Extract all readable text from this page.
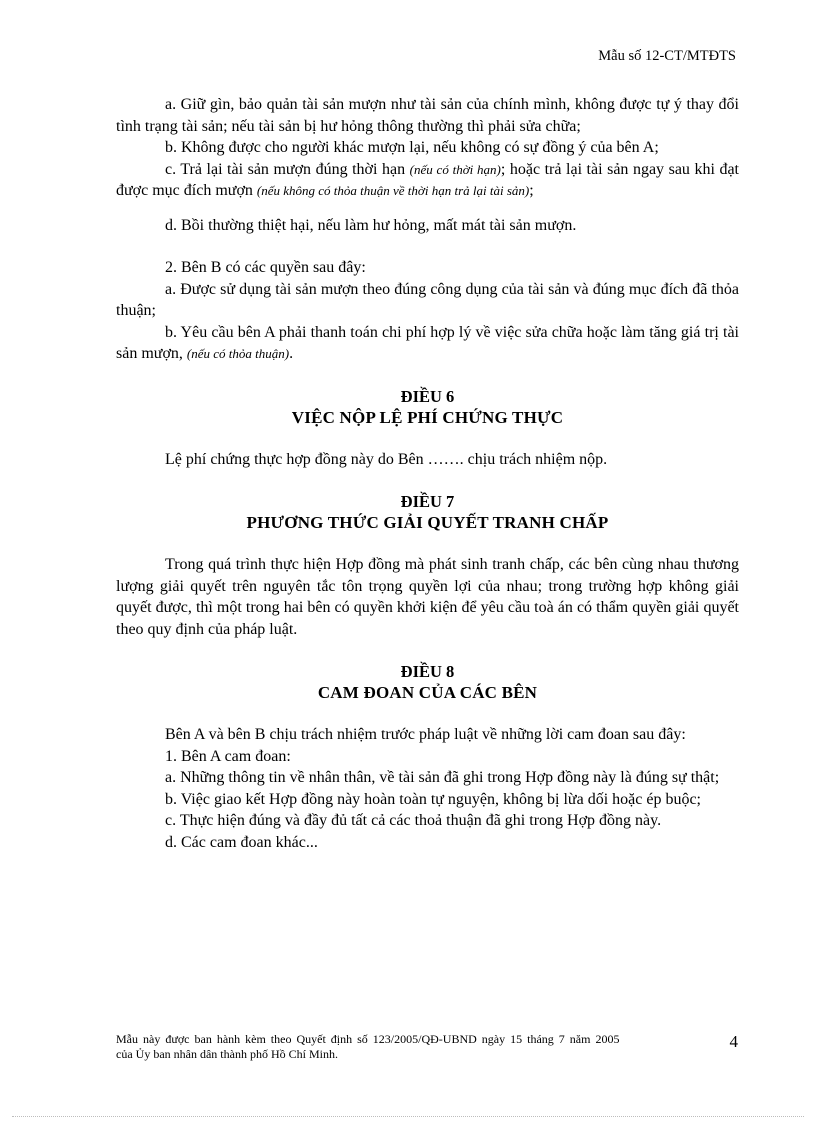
Mẫu số 12-CT/MTĐTS

a. Giữ gìn, bảo quản tài sản mượn như tài sản của chính mình, không được tự ý thay đổi tình trạng tài sản; nếu tài sản bị hư hỏng thông thường thì phải sửa chữa;

b. Không được cho người khác mượn lại, nếu không có sự đồng ý của bên A;

c. Trả lại tài sản mượn đúng thời hạn (nếu có thời hạn); hoặc trả lại tài sản ngay sau khi đạt được mục đích mượn (nếu không có thỏa thuận về thời hạn trả lại tài sản);

d. Bồi thường thiệt hại, nếu làm hư hỏng, mất mát tài sản mượn.

2. Bên B có các quyền sau đây:

a. Được sử dụng tài sản mượn theo đúng công dụng của tài sản và đúng mục đích đã thỏa thuận;

b. Yêu cầu bên A phải thanh toán chi phí hợp lý về việc sửa chữa hoặc làm tăng giá trị tài sản mượn, (nếu có thỏa thuận).

ĐIỀU 6
VIỆC NỘP LỆ PHÍ CHỨNG THỰC

Lệ phí chứng thực hợp đồng này do Bên ……. chịu trách nhiệm nộp.

ĐIỀU 7
PHƯƠNG THỨC GIẢI QUYẾT TRANH CHẤP

Trong quá trình thực hiện Hợp đồng mà phát sinh tranh chấp, các bên cùng nhau thương lượng giải quyết trên nguyên tắc tôn trọng quyền lợi của nhau; trong trường hợp không giải quyết được, thì một trong hai bên có quyền khởi kiện để yêu cầu toà án có thẩm quyền giải quyết theo quy định của pháp luật.

ĐIỀU 8
CAM ĐOAN CỦA CÁC BÊN

Bên A và bên B chịu trách nhiệm trước pháp luật về những lời cam đoan sau đây:

1. Bên A cam đoan:

a. Những thông tin về nhân thân, về tài sản đã ghi trong Hợp đồng này là đúng sự thật;

b. Việc giao kết Hợp đồng này hoàn toàn tự nguyện, không bị lừa dối hoặc ép buộc;

c. Thực hiện đúng và đầy đủ tất cả các thoả thuận đã ghi trong Hợp đồng này.

d. Các cam đoan khác...

Mẫu này được ban hành kèm theo Quyết định số 123/2005/QĐ-UBND ngày 15 tháng 7 năm 2005
của Ủy ban nhân dân thành phố Hồ Chí Minh.
4
